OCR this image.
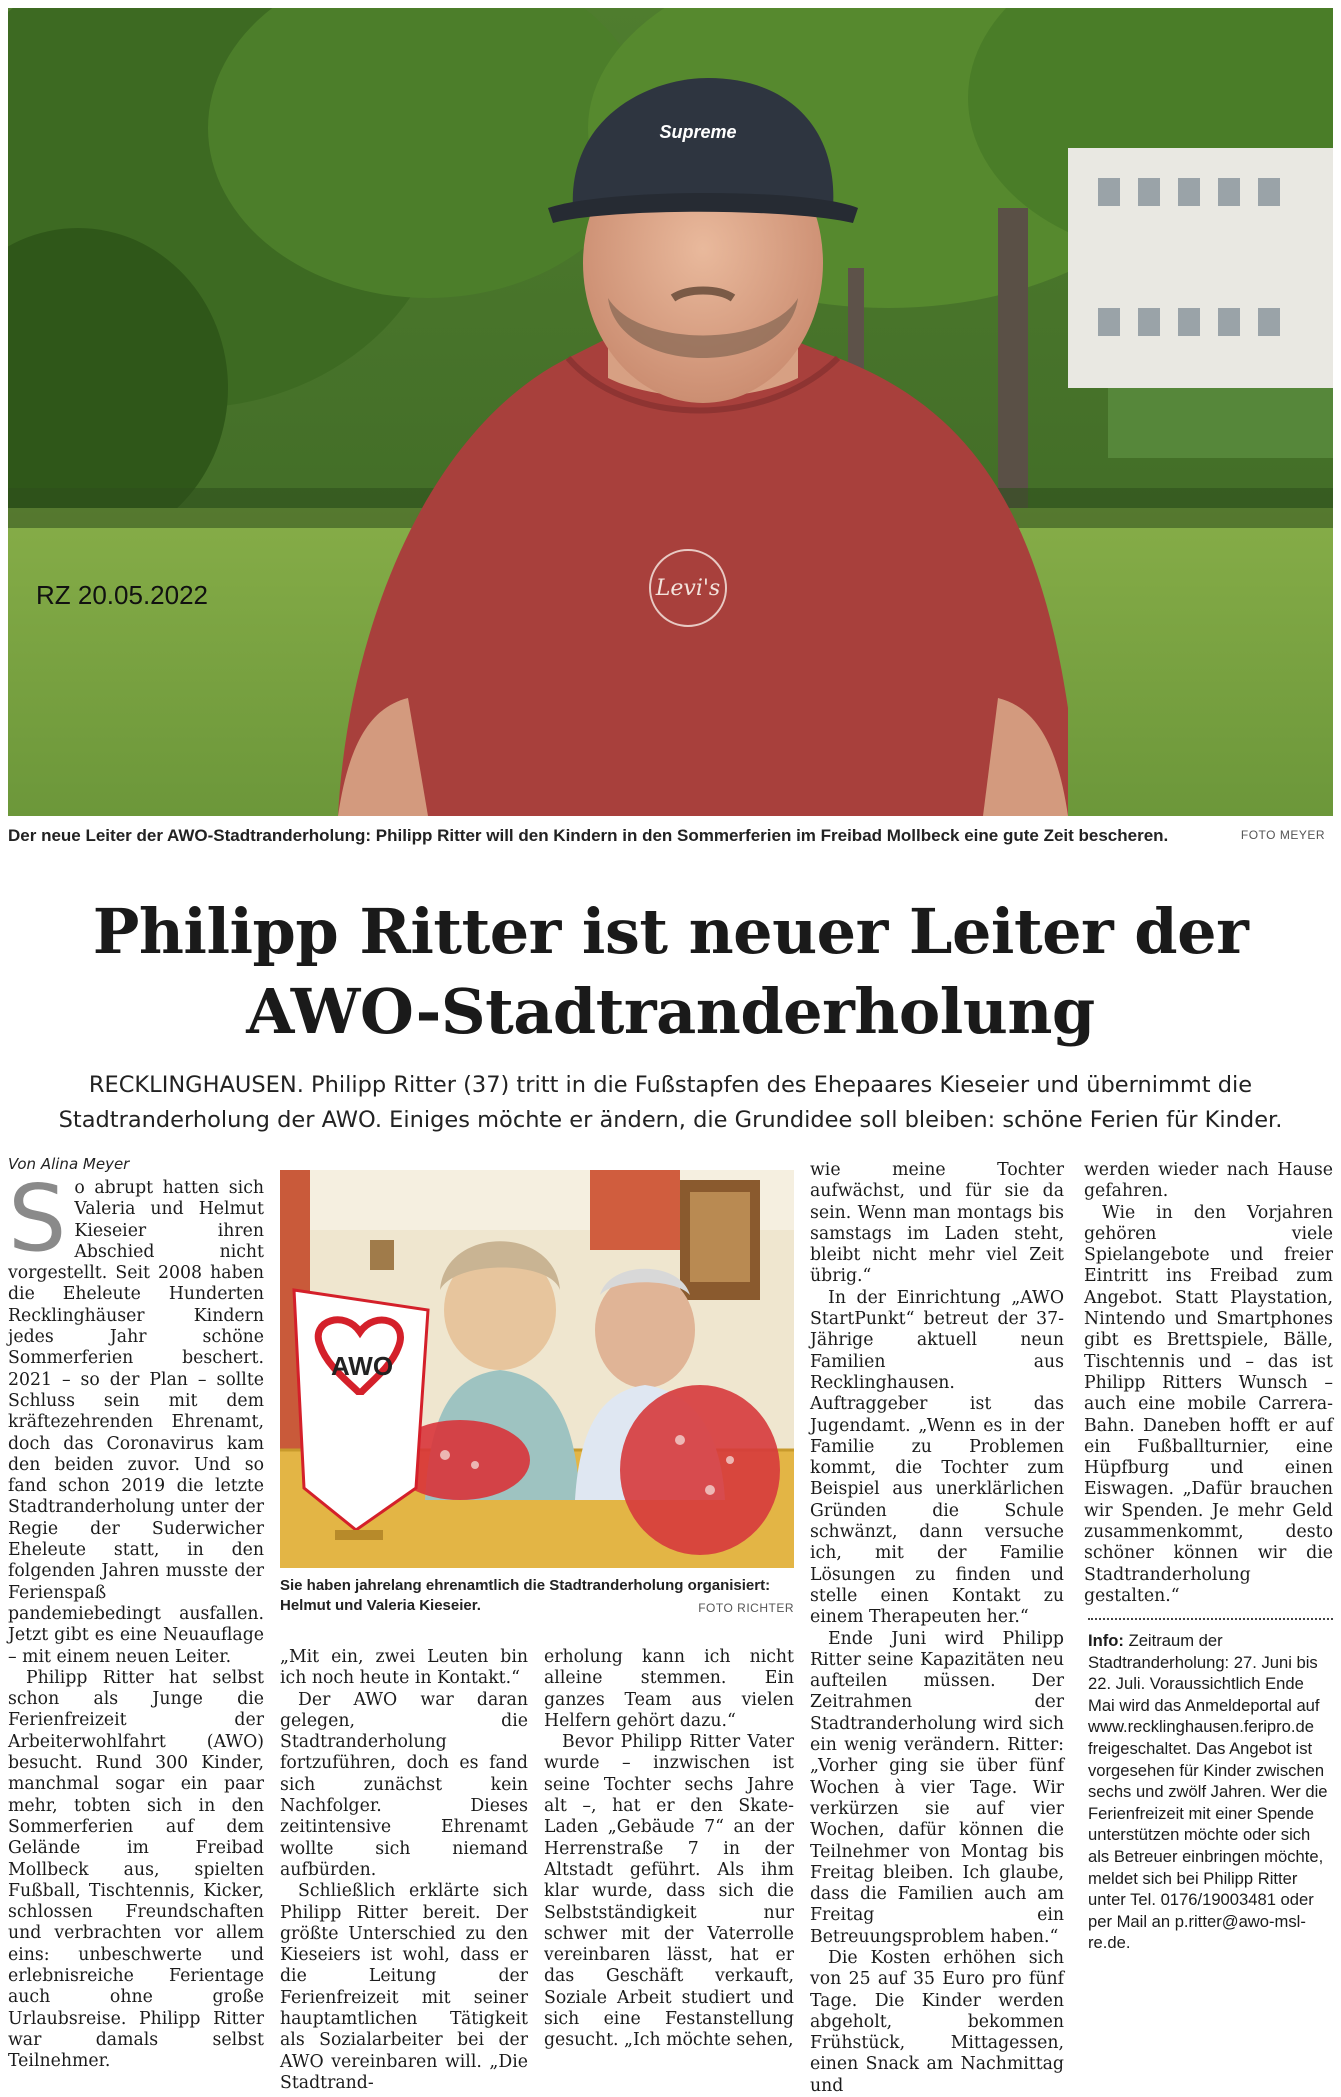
Supreme
Levi's
RZ 20.05.2022
Der neue Leiter der AWO-Stadtranderholung: Philipp Ritter will den Kindern in den Sommerferien im Freibad Mollbeck eine gute Zeit bescheren.	FOTO MEYER
Philipp Ritter ist neuer Leiter der
AWO-Stadtranderholung
RECKLINGHAUSEN. Philipp Ritter (37) tritt in die Fußstapfen des Ehepaares Kieseier und übernimmt die Stadtranderholung der AWO. Einiges möchte er ändern, die Grundidee soll bleiben: schöne Ferien für Kinder.
Von Alina Meyer
S o abrupt hatten sich Valeria und Helmut Kieseier ihren Abschied nicht vorgestellt. Seit 2008 haben die Eheleute Hunderten Recklinghäuser Kindern jedes Jahr schöne Sommerferien beschert. 2021 – so der Plan – sollte Schluss sein mit dem kräftezehrenden Ehrenamt, doch das Coronavirus kam den beiden zuvor. Und so fand schon 2019 die letzte Stadtranderholung unter der Regie der Suderwicher Eheleute statt, in den folgenden Jahren musste der Ferienspaß pandemiebedingt ausfallen. Jetzt gibt es eine Neuauflage – mit einem neuen Leiter.

Philipp Ritter hat selbst schon als Junge die Ferienfreizeit der Arbeiterwohlfahrt (AWO) besucht. Rund 300 Kinder, manchmal sogar ein paar mehr, tobten sich in den Sommerferien auf dem Gelände im Freibad Mollbeck aus, spielten Fußball, Tischtennis, Kicker, schlossen Freundschaften und verbrachten vor allem eins: unbeschwerte und erlebnisreiche Ferientage auch ohne große Urlaubsreise. Philipp Ritter war damals selbst Teilnehmer.

AWO
Sie haben jahrelang ehrenamtlich die Stadtranderholung organisiert: Helmut und Valeria Kieseier.	FOTO RICHTER

„Mit ein, zwei Leuten bin ich noch heute in Kontakt.“

Der AWO war daran gelegen, die Stadtranderholung fortzuführen, doch es fand sich zunächst kein Nachfolger. Dieses zeitintensive Ehrenamt wollte sich niemand aufbürden.

Schließlich erklärte sich Philipp Ritter bereit. Der größte Unterschied zu den Kieseiers ist wohl, dass er die Leitung der Ferienfreizeit mit seiner hauptamtlichen Tätigkeit als Sozialarbeiter bei der AWO vereinbaren will. „Die Stadtrand-

erholung kann ich nicht alleine stemmen. Ein ganzes Team aus vielen Helfern gehört dazu.“

Bevor Philipp Ritter Vater wurde – inzwischen ist seine Tochter sechs Jahre alt –, hat er den Skate-Laden „Gebäude 7“ an der Herrenstraße 7 in der Altstadt geführt. Als ihm klar wurde, dass sich die Selbstständigkeit nur schwer mit der Vaterrolle vereinbaren lässt, hat er das Geschäft verkauft, Soziale Arbeit studiert und sich eine Festanstellung gesucht. „Ich möchte sehen,

wie meine Tochter aufwächst, und für sie da sein. Wenn man montags bis samstags im Laden steht, bleibt nicht mehr viel Zeit übrig.“

In der Einrichtung „AWO StartPunkt“ betreut der 37-Jährige aktuell neun Familien aus Recklinghausen. Auftraggeber ist das Jugendamt. „Wenn es in der Familie zu Problemen kommt, die Tochter zum Beispiel aus unerklärlichen Gründen die Schule schwänzt, dann versuche ich, mit der Familie Lösungen zu finden und stelle einen Kontakt zu einem Therapeuten her.“

Ende Juni wird Philipp Ritter seine Kapazitäten neu aufteilen müssen. Der Zeitrahmen der Stadtranderholung wird sich ein wenig verändern. Ritter: „Vorher ging sie über fünf Wochen à vier Tage. Wir verkürzen sie auf vier Wochen, dafür können die Teilnehmer von Montag bis Freitag bleiben. Ich glaube, dass die Familien auch am Freitag ein Betreuungsproblem haben.“

Die Kosten erhöhen sich von 25 auf 35 Euro pro fünf Tage. Die Kinder werden abgeholt, bekommen Frühstück, Mittagessen, einen Snack am Nachmittag und

werden wieder nach Hause gefahren.

Wie in den Vorjahren gehören viele Spielangebote und freier Eintritt ins Freibad zum Angebot. Statt Playstation, Nintendo und Smartphones gibt es Brettspiele, Bälle, Tischtennis und – das ist Philipp Ritters Wunsch – auch eine mobile Carrera-Bahn. Daneben hofft er auf ein Fußballturnier, eine Hüpfburg und einen Eiswagen. „Dafür brauchen wir Spenden. Je mehr Geld zusammenkommt, desto schöner können wir die Stadtranderholung gestalten.“

Info: Zeitraum der Stadtranderholung: 27. Juni bis 22. Juli. Voraussichtlich Ende Mai wird das Anmeldeportal auf www.recklinghausen.feripro.de freigeschaltet. Das Angebot ist vorgesehen für Kinder zwischen sechs und zwölf Jahren. Wer die Ferienfreizeit mit einer Spende unterstützen möchte oder sich als Betreuer einbringen möchte, meldet sich bei Philipp Ritter unter Tel. 0176/19003481 oder per Mail an p.ritter@awo-msl-re.de.
